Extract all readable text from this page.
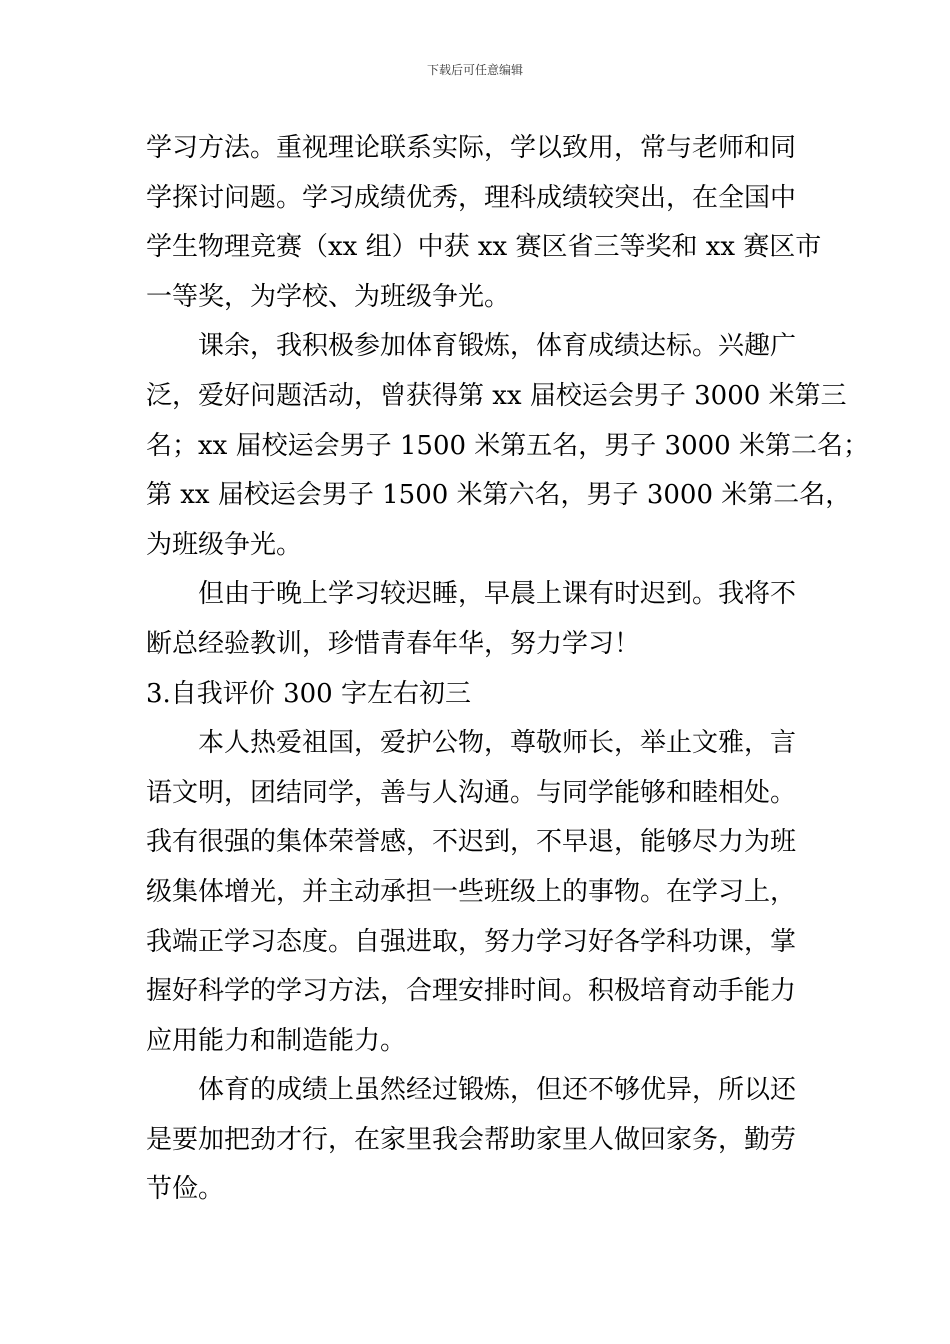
下载后可任意编辑
学习方法。重视理论联系实际，学以致用，常与老师和同
学探讨问题。学习成绩优秀，理科成绩较突出，在全国中
学生物理竞赛（xx 组）中获 xx 赛区省三等奖和 xx 赛区市
一等奖，为学校、为班级争光。
课余，我积极参加体育锻炼，体育成绩达标。兴趣广
泛，爱好问题活动，曾获得第 xx 届校运会男子 3000 米第三
名；xx 届校运会男子 1500 米第五名，男子 3000 米第二名；
第 xx 届校运会男子 1500 米第六名，男子 3000 米第二名，
为班级争光。
但由于晚上学习较迟睡，早晨上课有时迟到。我将不
断总经验教训，珍惜青春年华，努力学习！
3.自我评价 300 字左右初三
本人热爱祖国，爱护公物，尊敬师长，举止文雅，言
语文明，团结同学，善与人沟通。与同学能够和睦相处。
我有很强的集体荣誉感，不迟到，不早退，能够尽力为班
级集体增光，并主动承担一些班级上的事物。在学习上，
我端正学习态度。自强进取，努力学习好各学科功课，掌
握好科学的学习方法，合理安排时间。积极培育动手能力
应用能力和制造能力。
体育的成绩上虽然经过锻炼，但还不够优异，所以还
是要加把劲才行，在家里我会帮助家里人做回家务，勤劳
节俭。
